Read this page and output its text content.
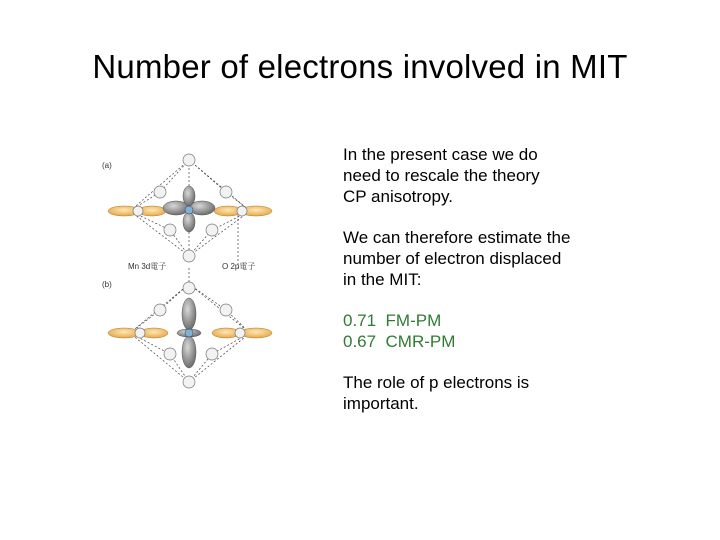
Number of electrons involved in MIT
(a)
(b)
Mn 3d電子	O 2p電子
In the present case we do
need to rescale the theory
CP anisotropy.
We can therefore estimate the
number of electron displaced
in the MIT:
0.71  FM-PM
0.67  CMR-PM
The role of p electrons is
important.
